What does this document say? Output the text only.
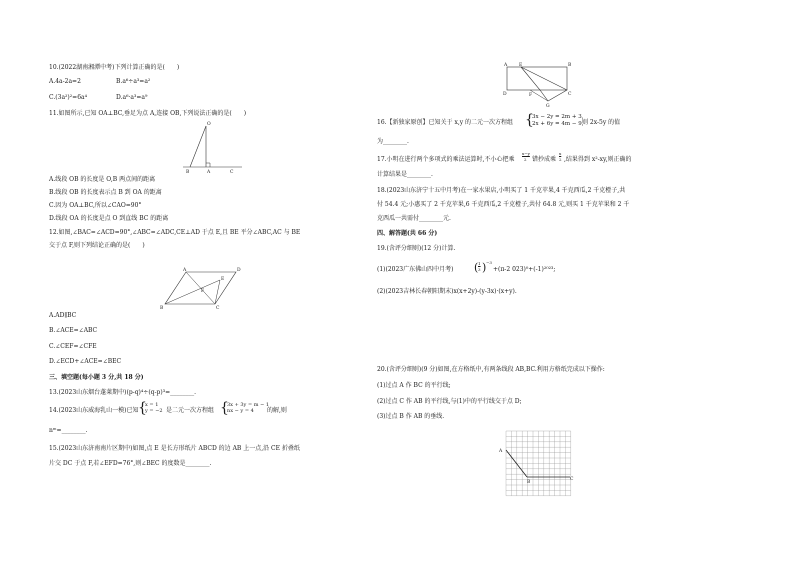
10.(2022湖南湘潭中考)下列计算正确的是(　　)
A.4a-2a=2	B.a⁶÷a³=a²
C.(3a²)²=6a⁴	D.a⁶·a³=a⁹
11.如图所示,已知 OA⊥BC,垂足为点 A,连接 OB,下列说法正确的是(　　)
O
B	A	C
A.线段 OB 的长度是 O,B 两点间的距离
B.线段 OB 的长度表示点 B 到 OA 的距离
C.因为 OA⊥BC,所以∠CAO=90°
D.线段 OA 的长度是点 O 到直线 BC 的距离
12.如图,∠BAC=∠ACD=90°,∠ABC=∠ADC,CE⊥AD 于点 E,且 BE 平分∠ABC,AC 与 BE
交于点 F,则下列结论正确的是(　　)
A	D
E
F
B	C
A.AD∥BC
B.∠ACE=∠ABC
C.∠CEF=∠CFE
D.∠ECD+∠ACE=∠BEC
三、填空题(每小题 3 分,共 18 分)
13.(2023山东烟台蓬莱期中)(p-q)⁴÷(q-p)³=________.
14.(2023山东威海乳山一模)已知 {
x = 1
y = −2 是二元一次方程组 {
3x + 3y = m − 1
nx − y = 4 的解,则
nᵐ=________.
15.(2023山东济南南片区期中)如图,点 E 是长方形纸片 ABCD 的边 AB 上一点,沿 CE 折叠纸
片交 DC 于点 F,若∠EFD=76°,则∠BEC 的度数是________.
A	E	B
D	F	C
G
16.【新独家原创】已知关于 x,y 的二元一次方程组 {
3x − 2y = 2m + 3,
2x + 6y = 4m − 9,
则 2x-5y 的值
为________.
17.小明在进行两个多项式的乘法运算时,不小心把乘
x−y
2 错抄成乘
x
2 ,结果得到 x²-xy,则正确的
计算结果是________.
18.(2023山东济宁十五中月考)在一家水果店,小明买了 1 千克苹果,4 千克西瓜,2 千克橙子,共
付 54.4 元;小惠买了 2 千克苹果,6 千克西瓜,2 千克橙子,共付 64.8 元,则买 1 千克苹果和 2 千
克西瓜一共需付________元.
四、解答题(共 66 分)
19.(含评分细则)(12 分)计算.
(1)(2023广东佛山四中月考) ( 1
3 ) −3
+(π-2 023)⁰+(-1)²⁰²³;
(2)(2023吉林长春朝阳期末)x(x+2y)-(y-3x)·(x+y).
20.(含评分细则)(9 分)如图,在方格纸中,有两条线段 AB,BC.利用方格纸完成以下操作:
(1)过点 A 作 BC 的平行线;
(2)过点 C 作 AB 的平行线,与(1)中的平行线交于点 D;
(3)过点 B 作 AB 的垂线.
A
B
C
